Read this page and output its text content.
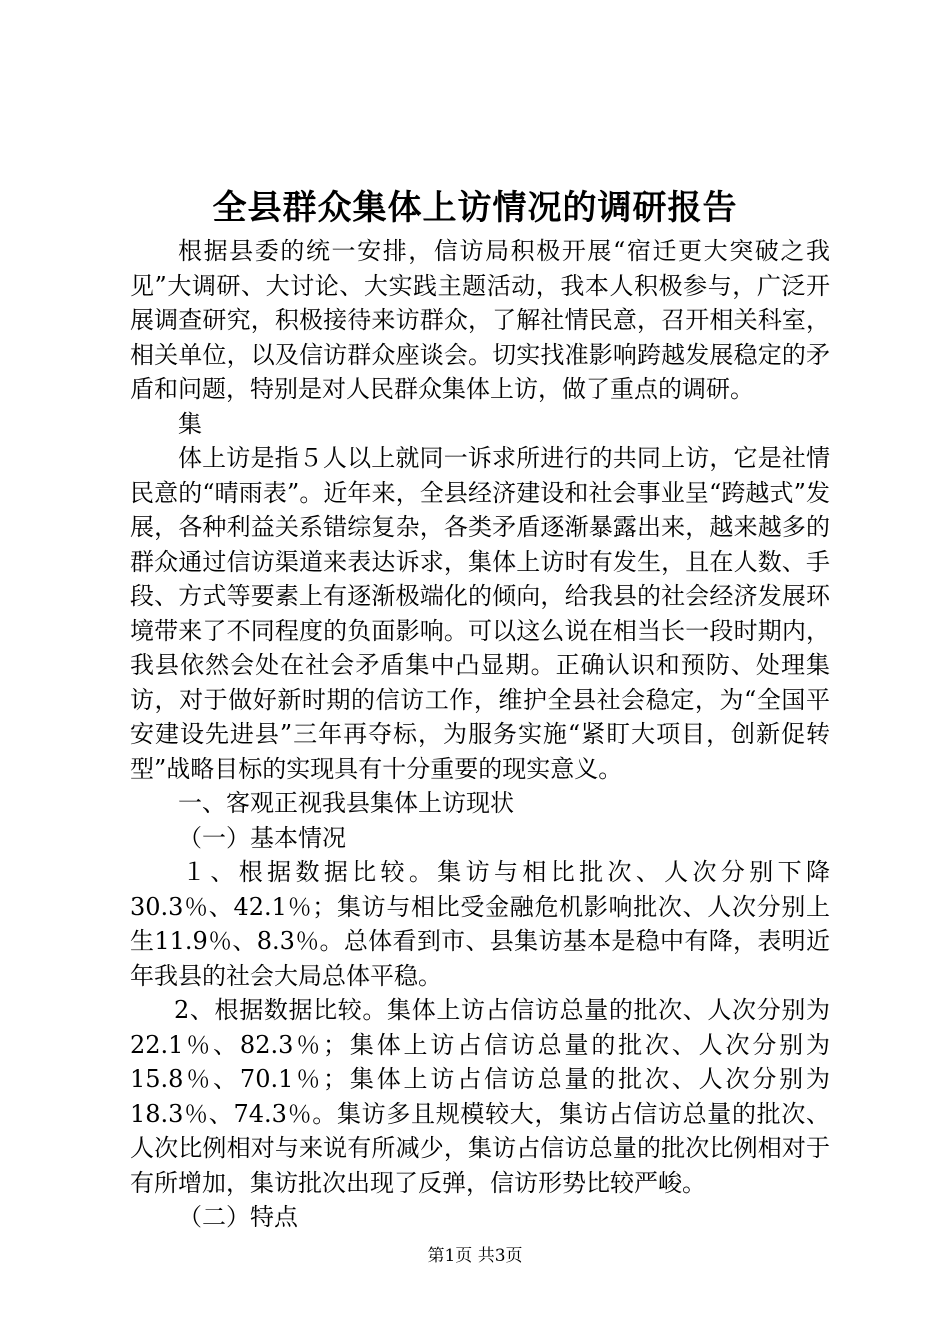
全县群众集体上访情况的调研报告

根据县委的统一安排，信访局积极开展“宿迁更大突破之我见”大调研、大讨论、大实践主题活动，我本人积极参与，广泛开展调查研究，积极接待来访群众，了解社情民意，召开相关科室，相关单位，以及信访群众座谈会。切实找准影响跨越发展稳定的矛盾和问题，特别是对人民群众集体上访，做了重点的调研。

集

体上访是指５人以上就同一诉求所进行的共同上访，它是社情民意的“晴雨表”。近年来，全县经济建设和社会事业呈“跨越式”发展，各种利益关系错综复杂，各类矛盾逐渐暴露出来，越来越多的群众通过信访渠道来表达诉求，集体上访时有发生，且在人数、手段、方式等要素上有逐渐极端化的倾向，给我县的社会经济发展环境带来了不同程度的负面影响。可以这么说在相当长一段时期内，我县依然会处在社会矛盾集中凸显期。正确认识和预防、处理集访，对于做好新时期的信访工作，维护全县社会稳定，为“全国平安建设先进县”三年再夺标，为服务实施“紧盯大项目，创新促转型”战略目标的实现具有十分重要的现实意义。

一、客观正视我县集体上访现状

（一）基本情况

１、根据数据比较。集访与相比批次、人次分别下降30.3％、42.1％；集访与相比受金融危机影响批次、人次分别上生11.9％、8.3％。总体看到市、县集访基本是稳中有降，表明近年我县的社会大局总体平稳。

2、根据数据比较。集体上访占信访总量的批次、人次分别为22.1％、82.3％；集体上访占信访总量的批次、人次分别为15.8％、70.1％；集体上访占信访总量的批次、人次分别为18.3％、74.3％。集访多且规模较大，集访占信访总量的批次、人次比例相对与来说有所减少，集访占信访总量的批次比例相对于有所增加，集访批次出现了反弹，信访形势比较严峻。

（二）特点

第1页 共3页
